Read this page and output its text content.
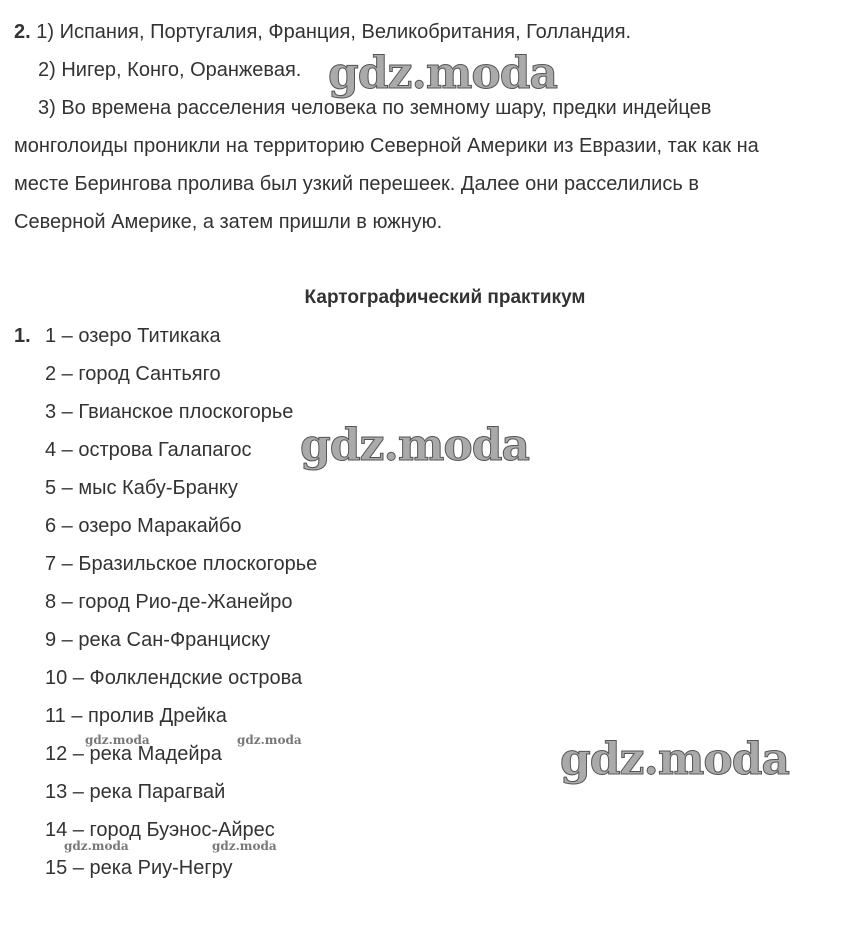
2. 1) Испания, Португалия, Франция, Великобритания, Голландия.
2) Нигер, Конго, Оранжевая.
3) Во времена расселения человека по земному шару, предки индейцев
монголоиды проникли на территорию Северной Америки из Евразии, так как на
месте Берингова пролива был узкий перешеек. Далее они расселились в
Северной Америке, а затем пришли в южную.
Картографический практикум
1. 1 – озеро Титикака
2 – город Сантьяго
3 – Гвианское плоскогорье
4 – острова Галапагос
5 – мыс Кабу-Бранку
6 – озеро Маракайбо
7 – Бразильское плоскогорье
8 – город Рио-де-Жанейро
9 – река Сан-Франциску
10 – Фолклендские острова
11 – пролив Дрейка
12 – река Мадейра
13 – река Парагвай
14 – город Буэнос-Айрес
15 – река Риу-Негру
gdz.moda
gdz.moda
gdz.moda
gdz.moda	gdz.moda
gdz.moda	gdz.moda
